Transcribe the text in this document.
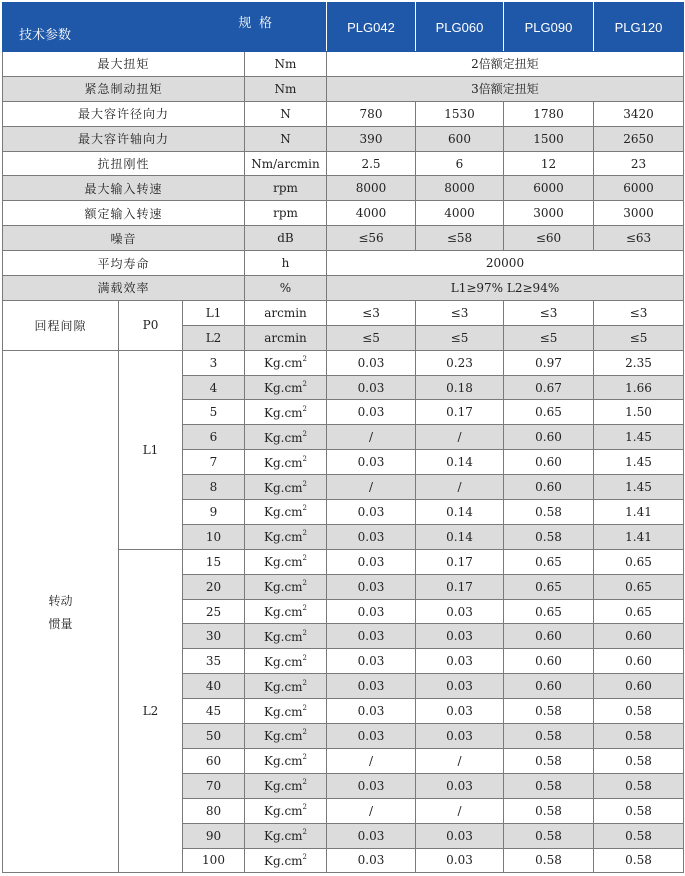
技术参数
规 格				PLG042	PLG060	PLG090	PLG120
最大扭矩			Nm	2倍额定扭矩			
紧急制动扭矩			Nm	3倍额定扭矩			
最大容许径向力			N	780	1530	1780	3420
最大容许轴向力			N	390	600	1500	2650
抗扭刚性			Nm/arcmin	2.5	6	12	23
最大输入转速			rpm	8000	8000	6000	6000
额定输入转速			rpm	4000	4000	3000	3000
噪音			dB	≤56	≤58	≤60	≤63
平均寿命			h	20000			
满载效率			%	L1≥97% L2≥94%			
回程间隙	P0	L1	arcmin	≤3	≤3	≤3	≤3
		L2	arcmin	≤5	≤5	≤5	≤5

转动
惯量	L1	3	$Kg.cm^2$	0.03	0.23	0.97	2.35
		4	$Kg.cm^2$	0.03	0.18	0.67	1.66
		5	$Kg.cm^2$	0.03	0.17	0.65	1.50
		6	$Kg.cm^2$	/	/	0.60	1.45
		7	$Kg.cm^2$	0.03	0.14	0.60	1.45
		8	$Kg.cm^2$	/	/	0.60	1.45
		9	$Kg.cm^2$	0.03	0.14	0.58	1.41
		10	$Kg.cm^2$	0.03	0.14	0.58	1.41
	L2	15	$Kg.cm^2$	0.03	0.17	0.65	0.65
		20	$Kg.cm^2$	0.03	0.17	0.65	0.65
		25	$Kg.cm^2$	0.03	0.03	0.65	0.65
		30	$Kg.cm^2$	0.03	0.03	0.60	0.60
		35	$Kg.cm^2$	0.03	0.03	0.60	0.60
		40	$Kg.cm^2$	0.03	0.03	0.60	0.60
		45	$Kg.cm^2$	0.03	0.03	0.58	0.58
		50	$Kg.cm^2$	0.03	0.03	0.58	0.58
		60	$Kg.cm^2$	/	/	0.58	0.58
		70	$Kg.cm^2$	0.03	0.03	0.58	0.58
		80	$Kg.cm^2$	/	/	0.58	0.58
		90	$Kg.cm^2$	0.03	0.03	0.58	0.58
		100	$Kg.cm^2$	0.03	0.03	0.58	0.58
